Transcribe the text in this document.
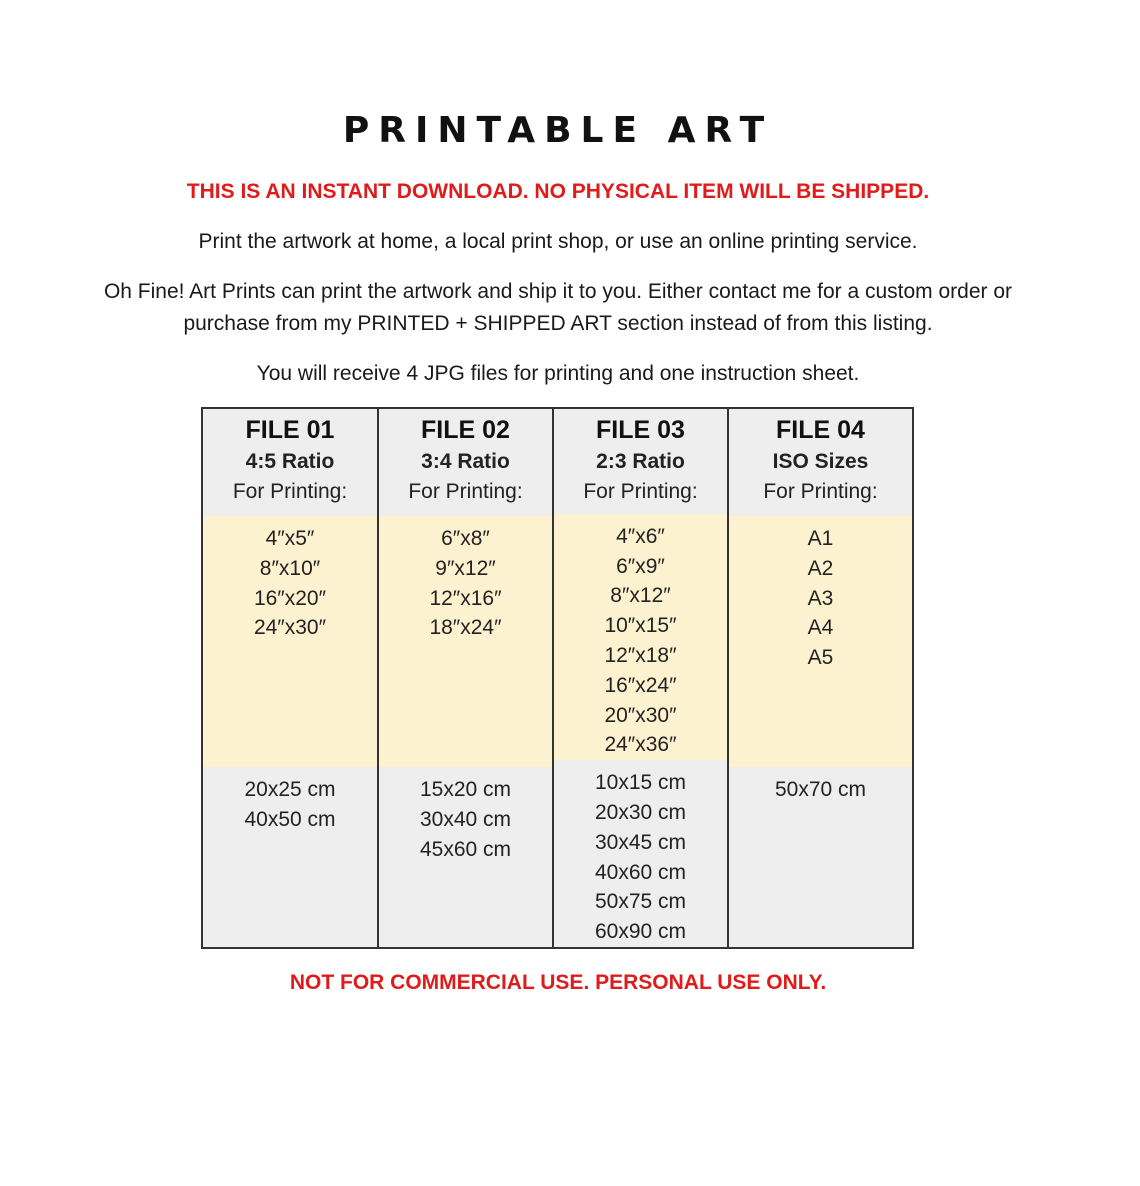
PRINTABLE ART
THIS IS AN INSTANT DOWNLOAD. NO PHYSICAL ITEM WILL BE SHIPPED.
Print the artwork at home, a local print shop, or use an online printing service.
Oh Fine! Art Prints can print the artwork and ship it to you. Either contact me for a custom order or
purchase from my PRINTED + SHIPPED ART section instead of from this listing.
You will receive 4 JPG files for printing and one instruction sheet.
FILE 01
4:5 Ratio
For Printing:
4″x5″
8″x10″
16″x20″
24″x30″
20x25 cm
40x50 cm
FILE 02
3:4 Ratio
For Printing:
6″x8″
9″x12″
12″x16″
18″x24″
15x20 cm
30x40 cm
45x60 cm
FILE 03
2:3 Ratio
For Printing:
4″x6″
6″x9″
8″x12″
10″x15″
12″x18″
16″x24″
20″x30″
24″x36″
10x15 cm
20x30 cm
30x45 cm
40x60 cm
50x75 cm
60x90 cm
FILE 04
ISO Sizes
For Printing:
A1
A2
A3
A4
A5
50x70 cm
NOT FOR COMMERCIAL USE. PERSONAL USE ONLY.
